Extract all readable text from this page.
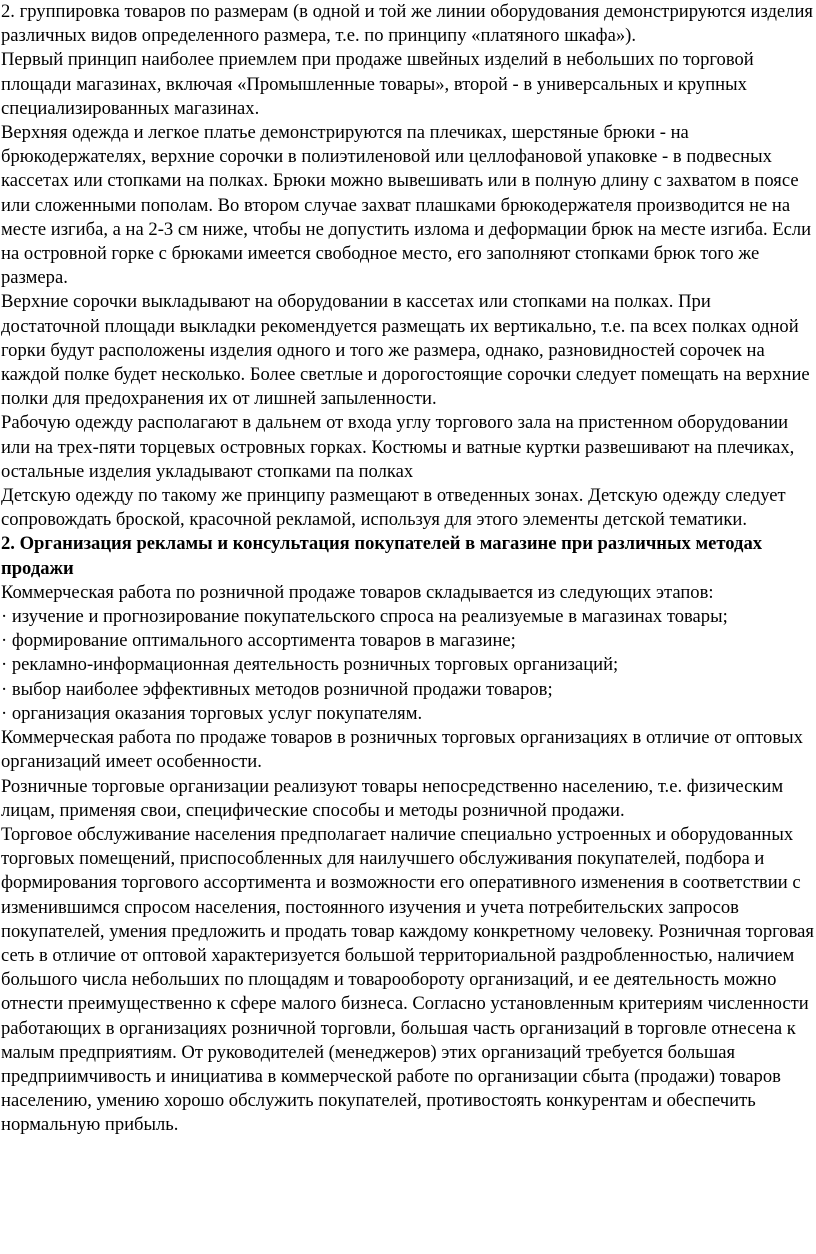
2. группировка товаров по размерам (в одной и той же линии оборудования демонстрируются изделия различных видов определенного размера, т.е. по принципу «платяного шкафа»).

Первый принцип наиболее приемлем при продаже швейных изделий в небольших по торговой площади магазинах, включая «Промышленные товары», второй - в универсальных и крупных специализированных магазинах.

Верхняя одежда и легкое платье демонстрируются па плечиках, шерстяные брюки - на брюкодержателях, верхние сорочки в полиэтиленовой или целлофановой упаковке - в подвесных кассетах или стопками на полках. Брюки можно вывешивать или в полную длину с захватом в поясе или сложенными пополам. Во втором случае захват плашками брюкодержателя производится не на месте изгиба, а на 2-3 см ниже, чтобы не допустить излома и деформации брюк на месте изгиба. Если на островной горке с брюками имеется свободное место, его заполняют стопками брюк того же размера.

Верхние сорочки выкладывают на оборудовании в кассетах или стопками на полках. При достаточной площади выкладки рекомендуется размещать их вертикально, т.е. па всех полках одной горки будут расположены изделия одного и того же размера, однако, разновидностей сорочек на каждой полке будет несколько. Более светлые и дорогостоящие сорочки следует помещать на верхние полки для предохранения их от лишней запыленности.

Рабочую одежду располагают в дальнем от входа углу торгового зала на пристенном оборудовании или на трех-пяти торцевых островных горках. Костюмы и ватные куртки развешивают на плечиках, остальные изделия укладывают стопками па полках

Детскую одежду по такому же принципу размещают в отведенных зонах. Детскую одежду следует сопровождать броской, красочной рекламой, используя для этого элементы детской тематики.

2. Организация рекламы и консультация покупателей в магазине при различных методах продажи

Коммерческая работа по розничной продаже товаров складывается из следующих этапов:

· изучение и прогнозирование покупательского спроса на реализуемые в магазинах товары;
· формирование оптимального ассортимента товаров в магазине;
· рекламно-информационная деятельность розничных торговых организаций;
· выбор наиболее эффективных методов розничной продажи товаров;
· организация оказания торговых услуг покупателям.

Коммерческая работа по продаже товаров в розничных торговых организациях в отличие от оптовых организаций имеет особенности.

Розничные торговые организации реализуют товары непосредственно населению, т.е. физическим лицам, применяя свои, специфические способы и методы розничной продажи.

Торговое обслуживание населения предполагает наличие специально устроенных и оборудованных торговых помещений, приспособленных для наилучшего обслуживания покупателей, подбора и формирования торгового ассортимента и возможности его оперативного изменения в соответствии с изменившимся спросом населения, постоянного изучения и учета потребительских запросов покупателей, умения предложить и продать товар каждому конкретному человеку. Розничная торговая сеть в отличие от оптовой характеризуется большой территориальной раздробленностью, наличием большого числа небольших по площадям и товарообороту организаций, и ее деятельность можно отнести преимущественно к сфере малого бизнеса. Согласно установленным критериям численности работающих в организациях розничной торговли, большая часть организаций в торговле отнесена к малым предприятиям. От руководителей (менеджеров) этих организаций требуется большая предприимчивость и инициатива в коммерческой работе по организации сбыта (продажи) товаров населению, умению хорошо обслужить покупателей, противостоять конкурентам и обеспечить нормальную прибыль.
